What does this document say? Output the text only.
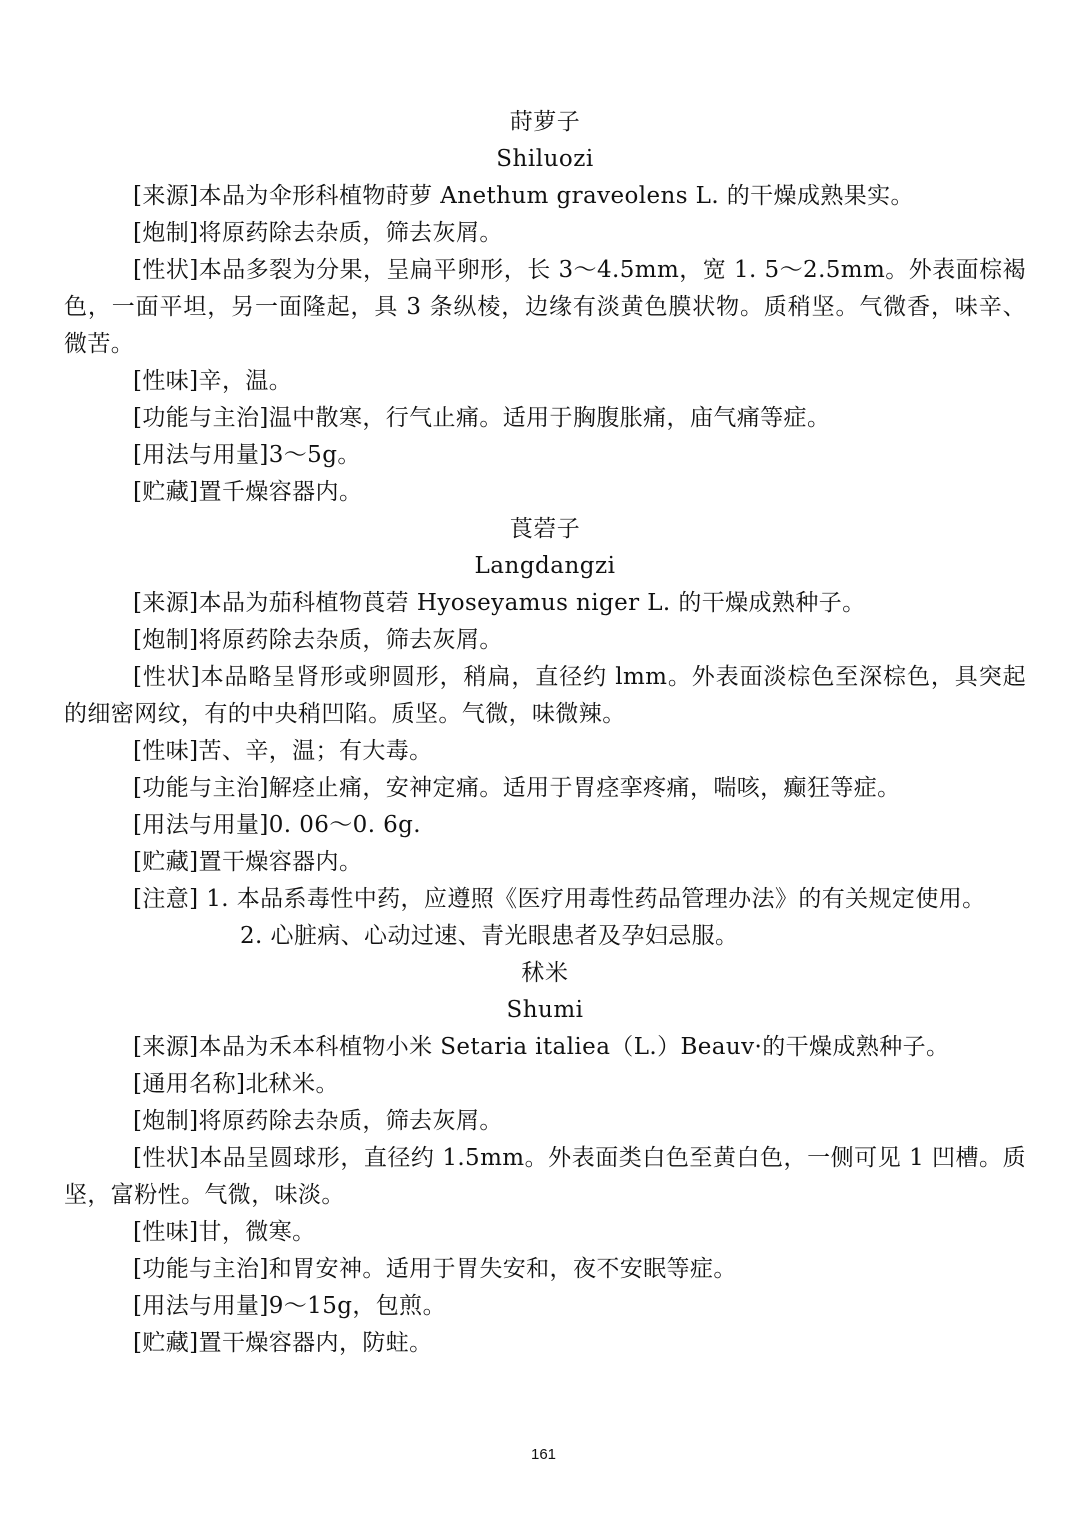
莳萝子
Shiluozi
[来源]本品为伞形科植物莳萝 Anethum graveolens L. 的干燥成熟果实。
[炮制]将原药除去杂质，筛去灰屑。
[性状]本品多裂为分果，呈扁平卵形，长 3～4.5mm，宽 1. 5～2.5mm。外表面棕褐色，一面平坦，另一面隆起，具 3 条纵棱，边缘有淡黄色膜状物。质稍坚。气微香，味辛、微苦。
[性味]辛，温。
[功能与主治]温中散寒，行气止痛。适用于胸腹胀痛，庙气痛等症。
[用法与用量]3～5g。
[贮藏]置千燥容器内。
莨菪子
Langdangzi
[来源]本品为茄科植物莨菪 Hyoseyamus niger L. 的干燥成熟种子。
[炮制]将原药除去杂质，筛去灰屑。
[性状]本品略呈肾形或卵圆形，稍扁，直径约 lmm。外表面淡棕色至深棕色，具突起的细密网纹，有的中央稍凹陷。质坚。气微，味微辣。
[性味]苦、辛，温；有大毒。
[功能与主治]解痉止痛，安神定痛。适用于胃痉挛疼痛，喘咳，癫狂等症。
[用法与用量]0. 06～0. 6g.
[贮藏]置干燥容器内。
[注意] 1. 本品系毒性中药，应遵照《医疗用毒性药品管理办法》的有关规定使用。
2. 心脏病、心动过速、青光眼患者及孕妇忌服。
秫米
Shumi
[来源]本品为禾本科植物小米 Setaria italiea（L.）Beauv·的干燥成熟种子。
[通用名称]北秫米。
[炮制]将原药除去杂质，筛去灰屑。
[性状]本品呈圆球形，直径约 1.5mm。外表面类白色至黄白色，一侧可见 1 凹槽。质坚，富粉性。气微，味淡。
[性味]甘，微寒。
[功能与主治]和胃安神。适用于胃失安和，夜不安眠等症。
[用法与用量]9～15g，包煎。
[贮藏]置干燥容器内，防蛀。
161
